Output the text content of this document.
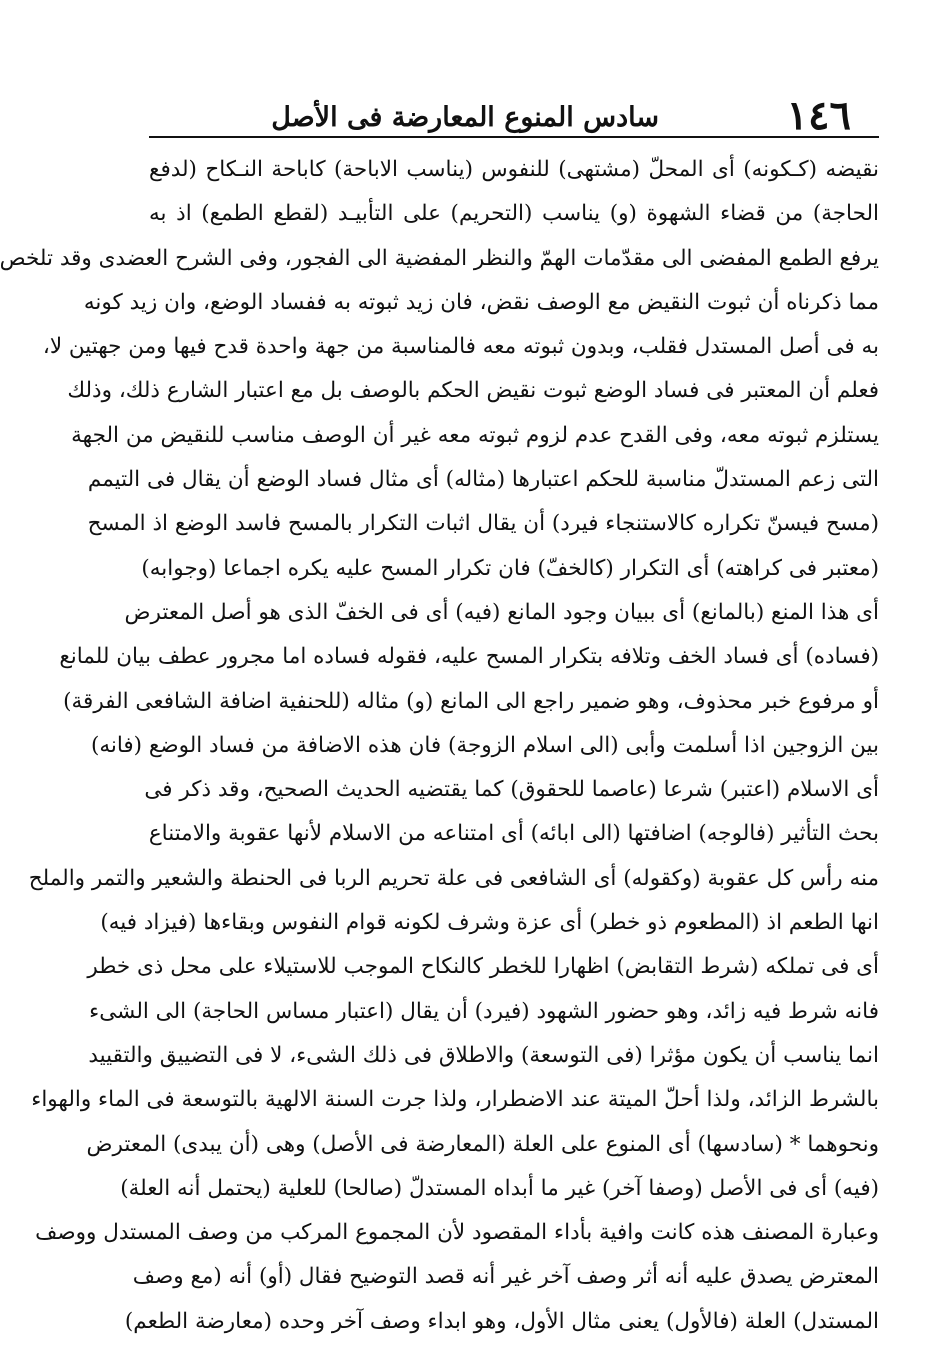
١٤٦
سادس المنوع المعارضة فى الأصل
نقيضه (كـكونه) أى المحلّ (مشتهى) للنفوس (يناسب الاباحة) كاباحة النـكاح (لدفع
الحاجة) من قضاء الشهوة (و) يناسب (التحريم) على التأبيـد (لقطع الطمع) اذ به
يرفع الطمع المفضى الى مقدّمات الهمّ والنظر المفضية الى الفجور، وفى الشرح العضدى وقد تلخص
مما ذكرناه أن ثبوت النقيض مع الوصف نقض، فان زيد ثبوته به ففساد الوضع، وان زيد كونه
به فى أصل المستدل فقلب، وبدون ثبوته معه فالمناسبة من جهة واحدة قدح فيها ومن جهتين لا،
فعلم أن المعتبر فى فساد الوضع ثبوت نقيض الحكم بالوصف بل مع اعتبار الشارع ذلك، وذلك
يستلزم ثبوته معه، وفى القدح عدم لزوم ثبوته معه غير أن الوصف مناسب للنقيض من الجهة
التى زعم المستدلّ مناسبة للحكم اعتبارها (مثاله) أى مثال فساد الوضع أن يقال فى التيمم
(مسح فيسنّ تكراره كالاستنجاء فيرد) أن يقال اثبات التكرار بالمسح فاسد الوضع اذ المسح
(معتبر فى كراهته) أى التكرار (كالخفّ) فان تكرار المسح عليه يكره اجماعا (وجوابه)
أى هذا المنع (بالمانع) أى ببيان وجود المانع (فيه) أى فى الخفّ الذى هو أصل المعترض
(فساده) أى فساد الخف وتلافه بتكرار المسح عليه، فقوله فساده اما مجرور عطف بيان للمانع
أو مرفوع خبر محذوف، وهو ضمير راجع الى المانع (و) مثاله (للحنفية اضافة الشافعى الفرقة)
بين الزوجين اذا أسلمت وأبى (الى اسلام الزوجة) فان هذه الاضافة من فساد الوضع (فانه)
أى الاسلام (اعتبر) شرعا (عاصما للحقوق) كما يقتضيه الحديث الصحيح، وقد ذكر فى
بحث التأثير (فالوجه) اضافتها (الى ابائه) أى امتناعه من الاسلام لأنها عقوبة والامتناع
منه رأس كل عقوبة (وكقوله) أى الشافعى فى علة تحريم الربا فى الحنطة والشعير والتمر والملح
انها الطعم اذ (المطعوم ذو خطر) أى عزة وشرف لكونه قوام النفوس وبقاءها (فيزاد فيه)
أى فى تملكه (شرط التقابض) اظهارا للخطر كالنكاح الموجب للاستيلاء على محل ذى خطر
فانه شرط فيه زائد، وهو حضور الشهود (فيرد) أن يقال (اعتبار مساس الحاجة) الى الشىء
انما يناسب أن يكون مؤثرا (فى التوسعة) والاطلاق فى ذلك الشىء، لا فى التضييق والتقييد
بالشرط الزائد، ولذا أحلّ الميتة عند الاضطرار، ولذا جرت السنة الالهية بالتوسعة فى الماء والهواء
ونحوهما * (سادسها) أى المنوع على العلة (المعارضة فى الأصل) وهى (أن يبدى) المعترض
(فيه) أى فى الأصل (وصفا آخر) غير ما أبداه المستدلّ (صالحا) للعلية (يحتمل أنه العلة)
وعبارة المصنف هذه كانت وافية بأداء المقصود لأن المجموع المركب من وصف المستدل ووصف
المعترض يصدق عليه أنه أثر وصف آخر غير أنه قصد التوضيح فقال (أو) أنه (مع وصف
المستدل) العلة (فالأول) يعنى مثال الأول، وهو ابداء وصف آخر وحده (معارضة الطعم)
